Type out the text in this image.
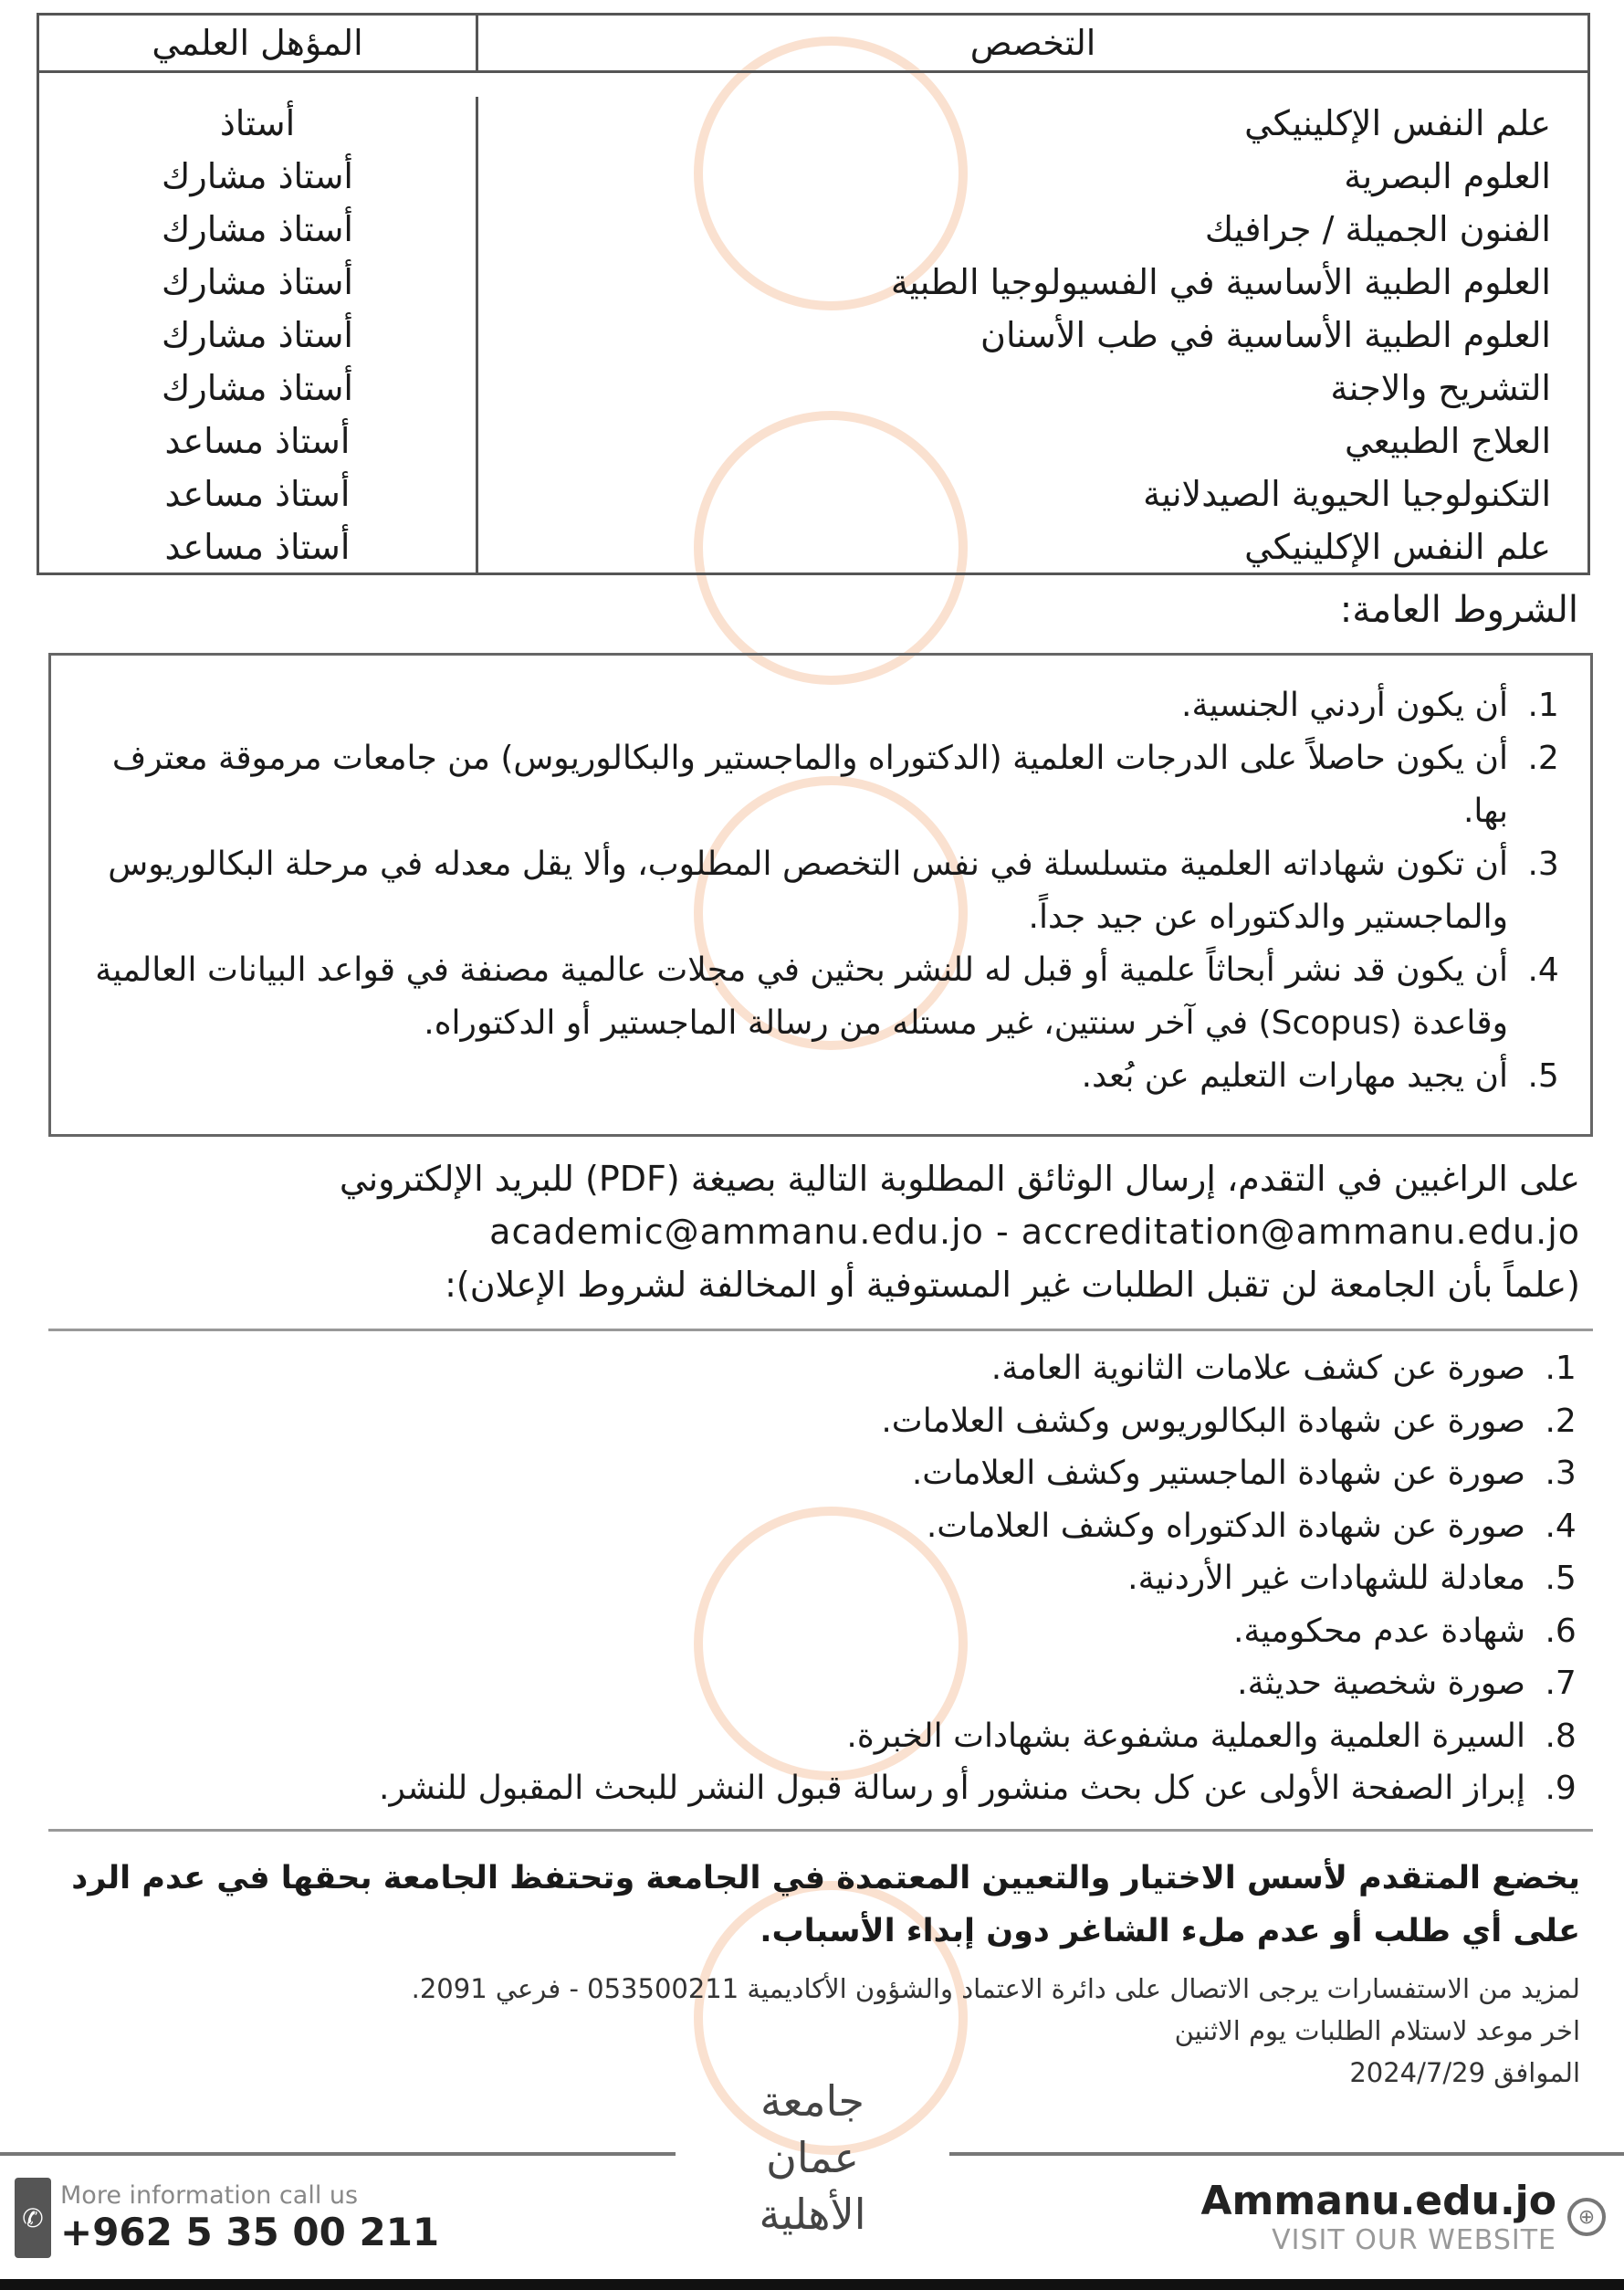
التخصص
المؤهل العلمي
علم النفس الإكلينيكي
أستاذ
العلوم البصرية
أستاذ مشارك
الفنون الجميلة / جرافيك
أستاذ مشارك
العلوم الطبية الأساسية في الفسيولوجيا الطبية
أستاذ مشارك
العلوم الطبية الأساسية في طب الأسنان
أستاذ مشارك
التشريح والاجنة
أستاذ مشارك
العلاج الطبيعي
أستاذ مساعد
التكنولوجيا الحيوية الصيدلانية
أستاذ مساعد
علم النفس الإكلينيكي
أستاذ مساعد
الشروط العامة:
1. أن يكون أردني الجنسية.
2. أن يكون حاصلاً على الدرجات العلمية (الدكتوراه والماجستير والبكالوريوس) من جامعات مرموقة معترف بها.
3. أن تكون شهاداته العلمية متسلسلة في نفس التخصص المطلوب، وألا يقل معدله في مرحلة البكالوريوس والماجستير والدكتوراه عن جيد جداً.
4. أن يكون قد نشر أبحاثاً علمية أو قبل له للنشر بحثين في مجلات عالمية مصنفة في قواعد البيانات العالمية وقاعدة (Scopus) في آخر سنتين، غير مستله من رسالة الماجستير أو الدكتوراه.
5. أن يجيد مهارات التعليم عن بُعد.
على الراغبين في التقدم، إرسال الوثائق المطلوبة التالية بصيغة (PDF) للبريد الإلكتروني
academic@ammanu.edu.jo - accreditation@ammanu.edu.jo
(علماً بأن الجامعة لن تقبل الطلبات غير المستوفية أو المخالفة لشروط الإعلان):
1. صورة عن كشف علامات الثانوية العامة.
2. صورة عن شهادة البكالوريوس وكشف العلامات.
3. صورة عن شهادة الماجستير وكشف العلامات.
4. صورة عن شهادة الدكتوراه وكشف العلامات.
5. معادلة للشهادات غير الأردنية.
6. شهادة عدم محكومية.
7. صورة شخصية حديثة.
8. السيرة العلمية والعملية مشفوعة بشهادات الخبرة.
9. إبراز الصفحة الأولى عن كل بحث منشور أو رسالة قبول النشر للبحث المقبول للنشر.
يخضع المتقدم لأسس الاختيار والتعيين المعتمدة في الجامعة وتحتفظ الجامعة بحقها في عدم الرد على أي طلب أو عدم ملء الشاغر دون إبداء الأسباب.
لمزيد من الاستفسارات يرجى الاتصال على دائرة الاعتماد والشؤون الأكاديمية 053500211 - فرعي 2091.
اخر موعد لاستلام الطلبات يوم الاثنين
الموافق 2024/7/29
✆
More information call us
+962 5 35 00 211
جامعة
عمان
الأهلية	Ammanu.edu.jo
VISIT OUR WEBSITE
⊕
